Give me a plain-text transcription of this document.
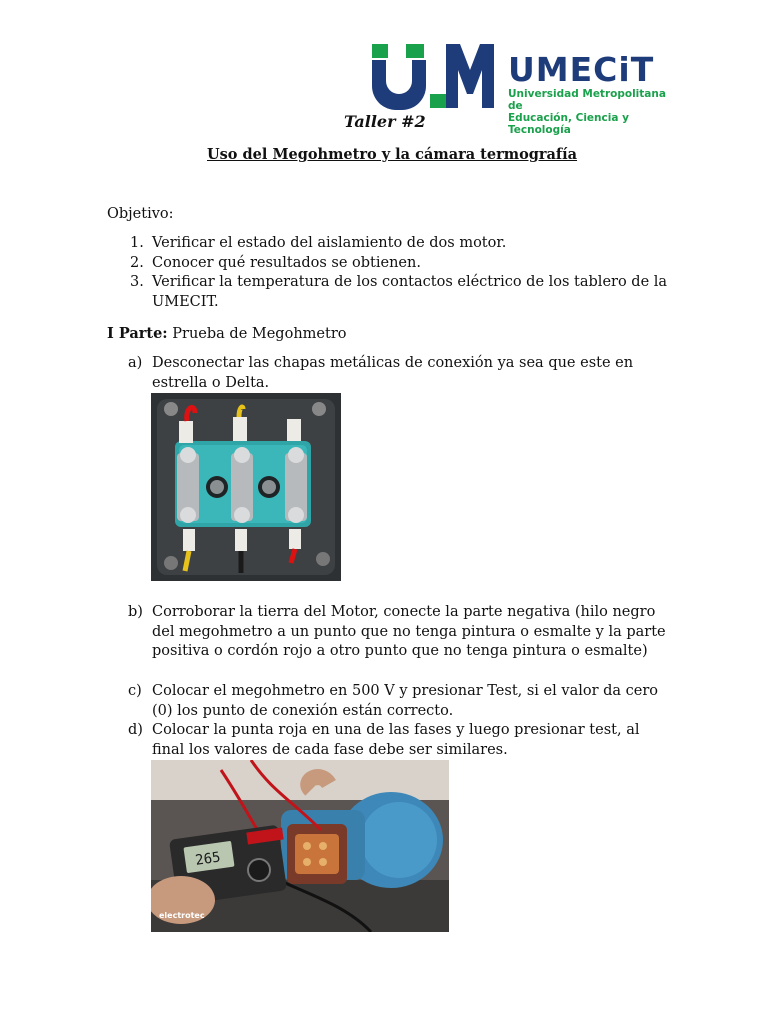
UMECiT
Universidad Metropolitana de
Educación, Ciencia y Tecnología
Taller #2
Uso del Megohmetro y la cámara termografía
Objetivo:
1. Verificar el estado del aislamiento de dos motor.
2. Conocer qué resultados se obtienen.
3. Verificar la temperatura de los contactos eléctrico de los tablero de la UMECIT.
I Parte: Prueba de Megohmetro
a) Desconectar las chapas metálicas de conexión ya sea que este en estrella o Delta.
b) Corroborar la tierra del Motor, conecte la parte negativa (hilo negro del megohmetro a un punto que no tenga pintura o esmalte y la parte positiva o cordón rojo a otro punto que no tenga pintura o esmalte)
c) Colocar el megohmetro en 500 V y presionar Test, si el valor da cero (0) los punto de conexión están correcto.
d) Colocar la punta roja en una de las fases y luego presionar test, al final los valores de cada fase debe ser similares.
265
electrotec
